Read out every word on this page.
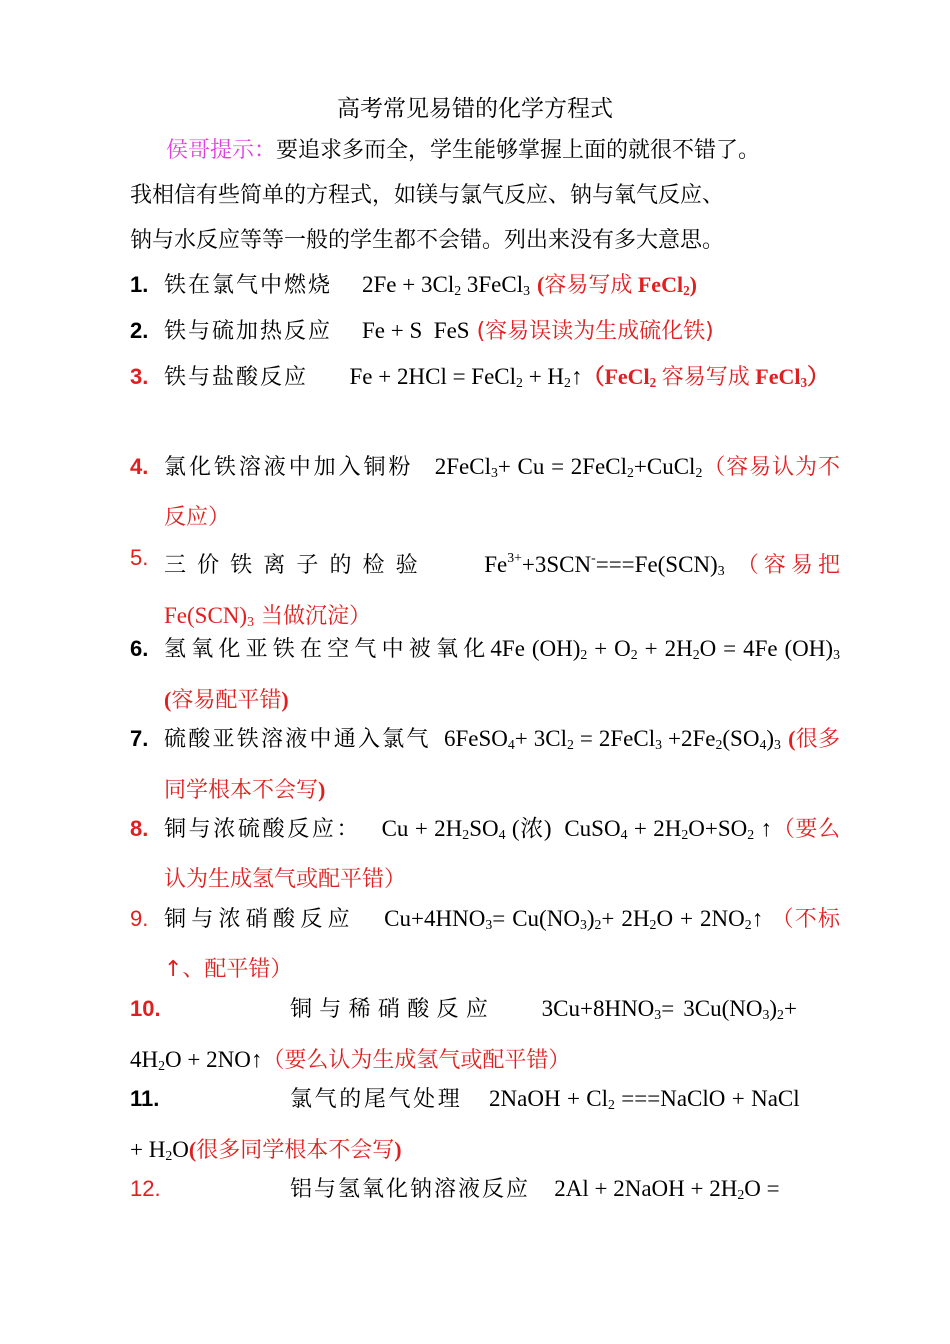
高考常见易错的化学方程式
侯哥提示：要追求多而全，学生能够掌握上面的就很不错了。
我相信有些简单的方程式，如镁与氯气反应、钠与氧气反应、
钠与水反应等等一般的学生都不会错。列出来没有多大意思。
1. 铁在氯气中燃烧     $2Fe + 3Cl_2$ 3FeCl$_3$ (容易写成 FeCl$_2$)
2. 铁与硫加热反应     Fe + S  FeS (容易误读为生成硫化铁)
3. 铁与盐酸反应       Fe + 2HCl = FeCl$_2$ + $H_2↑(FeCl_2$ 容易写成 FeCl$_3$）
4. 氯化铁溶液中加入铜粉   2FeCl$_3$+ Cu = 2FeCl$_2$+CuCl$_2$（容易认为不反应）
5. 三价铁离子的检验     $Fe^{3+}+3SCN^-===Fe(SCN)_3$ （容易把 $Fe(SCN)_3$ 当做沉淀）
6. 氢氧化亚铁在空气中被氧化4Fe $(OH)_2 + O_2 + 2H_2O = 4Fe$ $(OH)_3$ (容易配平错)
7. 硫酸亚铁溶液中通入氯气  6FeSO$_4$+ $3Cl_2$ = 2FeCl$_3$ $+2Fe_2(SO_4)_3$ (很多同学根本不会写)
8. 铜与浓硫酸反应：   $Cu + 2H_2SO_4$ (浓)  CuSO$_4$ + $2H_2O+SO_2$ ↑（要么认为生成氢气或配平错）
9. 铜与浓硝酸反应    $Cu+4HNO_3= Cu(NO_3)_2+ 2H_2O$ + $2NO_2↑$ （不标↑、配平错）
10.	铜与稀硝酸反应     $3Cu+8HNO_3= 3Cu(NO_3)_2+ 4H_2O$ + 2NO↑（要么认为生成氢气或配平错）
11.	氯气的尾气处理    2NaOH + $Cl_2$ ===NaClO + NaCl + $H_2O$(很多同学根本不会写)
12.	铝与氢氧化钠溶液反应    2Al + 2NaOH + $2H_2O$ =
